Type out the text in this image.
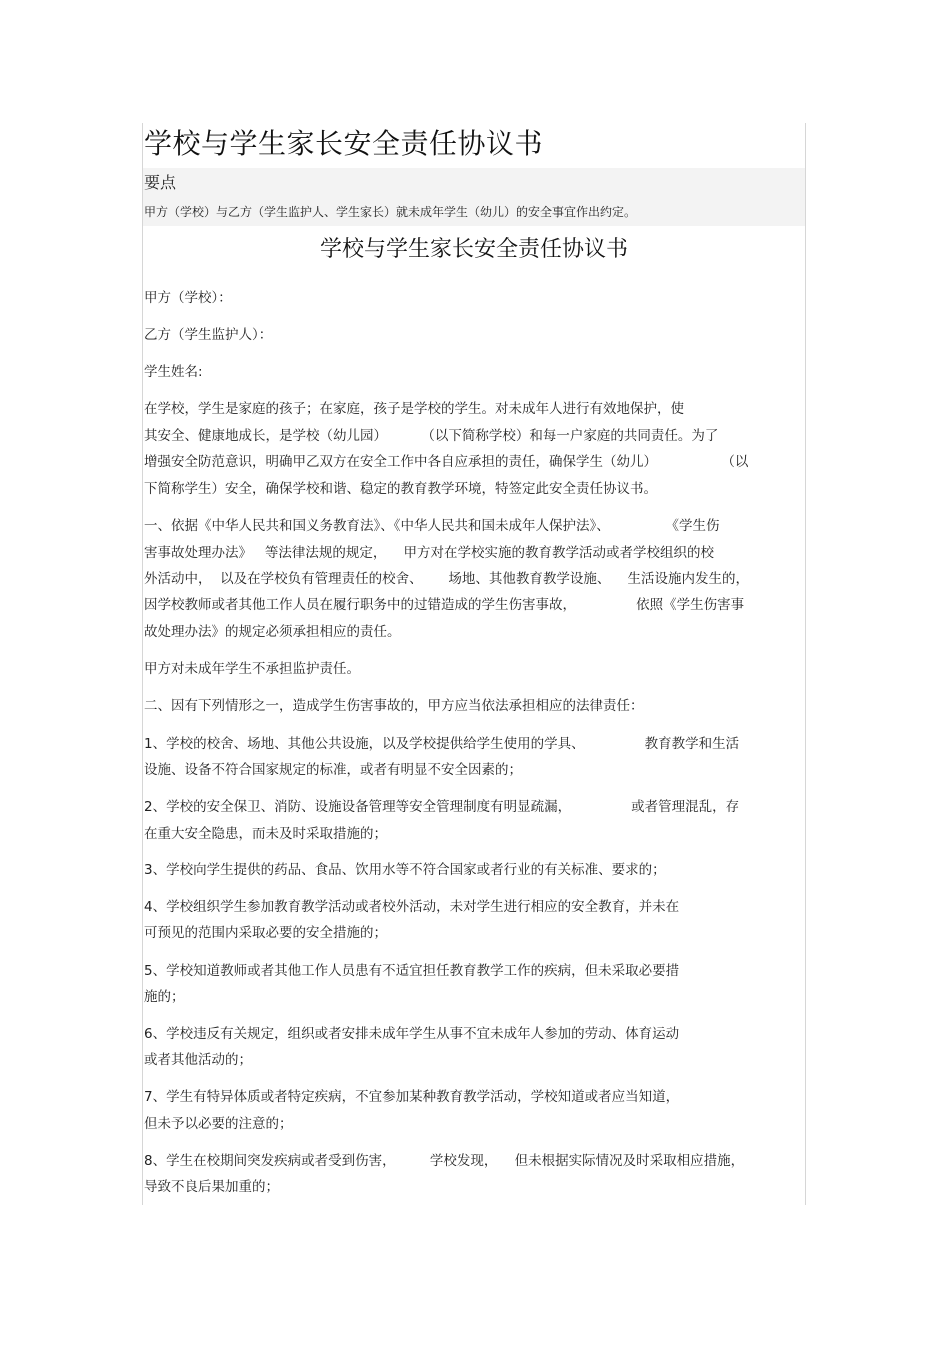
学校与学生家长安全责任协议书
要点
甲方（学校）与乙方（学生监护人、学生家长）就未成年学生（幼儿）的安全事宜作出约定。
学校与学生家长安全责任协议书
甲方（学校）：
乙方（学生监护人）：
学生姓名:
在学校，学生是家庭的孩子；在家庭，孩子是学校的学生。对未成年人进行有效地保护，使
其安全、健康地成长，是学校（幼儿园）        （以下简称学校）和每一户家庭的共同责任。为了
增强安全防范意识，明确甲乙双方在安全工作中各自应承担的责任，确保学生（幼儿）               （以
下简称学生）安全，确保学校和谐、稳定的教育教学环境，特签定此安全责任协议书。
一、依据《中华人民共和国义务教育法》、《中华人民共和国未成年人保护法》、             《学生伤
害事故处理办法》   等法律法规的规定，    甲方对在学校实施的教育教学活动或者学校组织的校
外活动中，  以及在学校负有管理责任的校舍、      场地、其他教育教学设施、    生活设施内发生的，
因学校教师或者其他工作人员在履行职务中的过错造成的学生伤害事故，              依照《学生伤害事
故处理办法》的规定必须承担相应的责任。
甲方对未成年学生不承担监护责任。
二、因有下列情形之一，造成学生伤害事故的，甲方应当依法承担相应的法律责任：
1、学校的校舍、场地、其他公共设施，以及学校提供给学生使用的学具、              教育教学和生活
设施、设备不符合国家规定的标准，或者有明显不安全因素的；
2、学校的安全保卫、消防、设施设备管理等安全管理制度有明显疏漏，              或者管理混乱，存
在重大安全隐患，而未及时采取措施的；
3、学校向学生提供的药品、食品、饮用水等不符合国家或者行业的有关标准、要求的；
4、学校组织学生参加教育教学活动或者校外活动，未对学生进行相应的安全教育，并未在
可预见的范围内采取必要的安全措施的；
5、学校知道教师或者其他工作人员患有不适宜担任教育教学工作的疾病，但未采取必要措
施的；
6、学校违反有关规定，组织或者安排未成年学生从事不宜未成年人参加的劳动、体育运动
或者其他活动的；
7、学生有特异体质或者特定疾病，不宜参加某种教育教学活动，学校知道或者应当知道，
但未予以必要的注意的；
8、学生在校期间突发疾病或者受到伤害，        学校发现，    但未根据实际情况及时采取相应措施，
导致不良后果加重的；
